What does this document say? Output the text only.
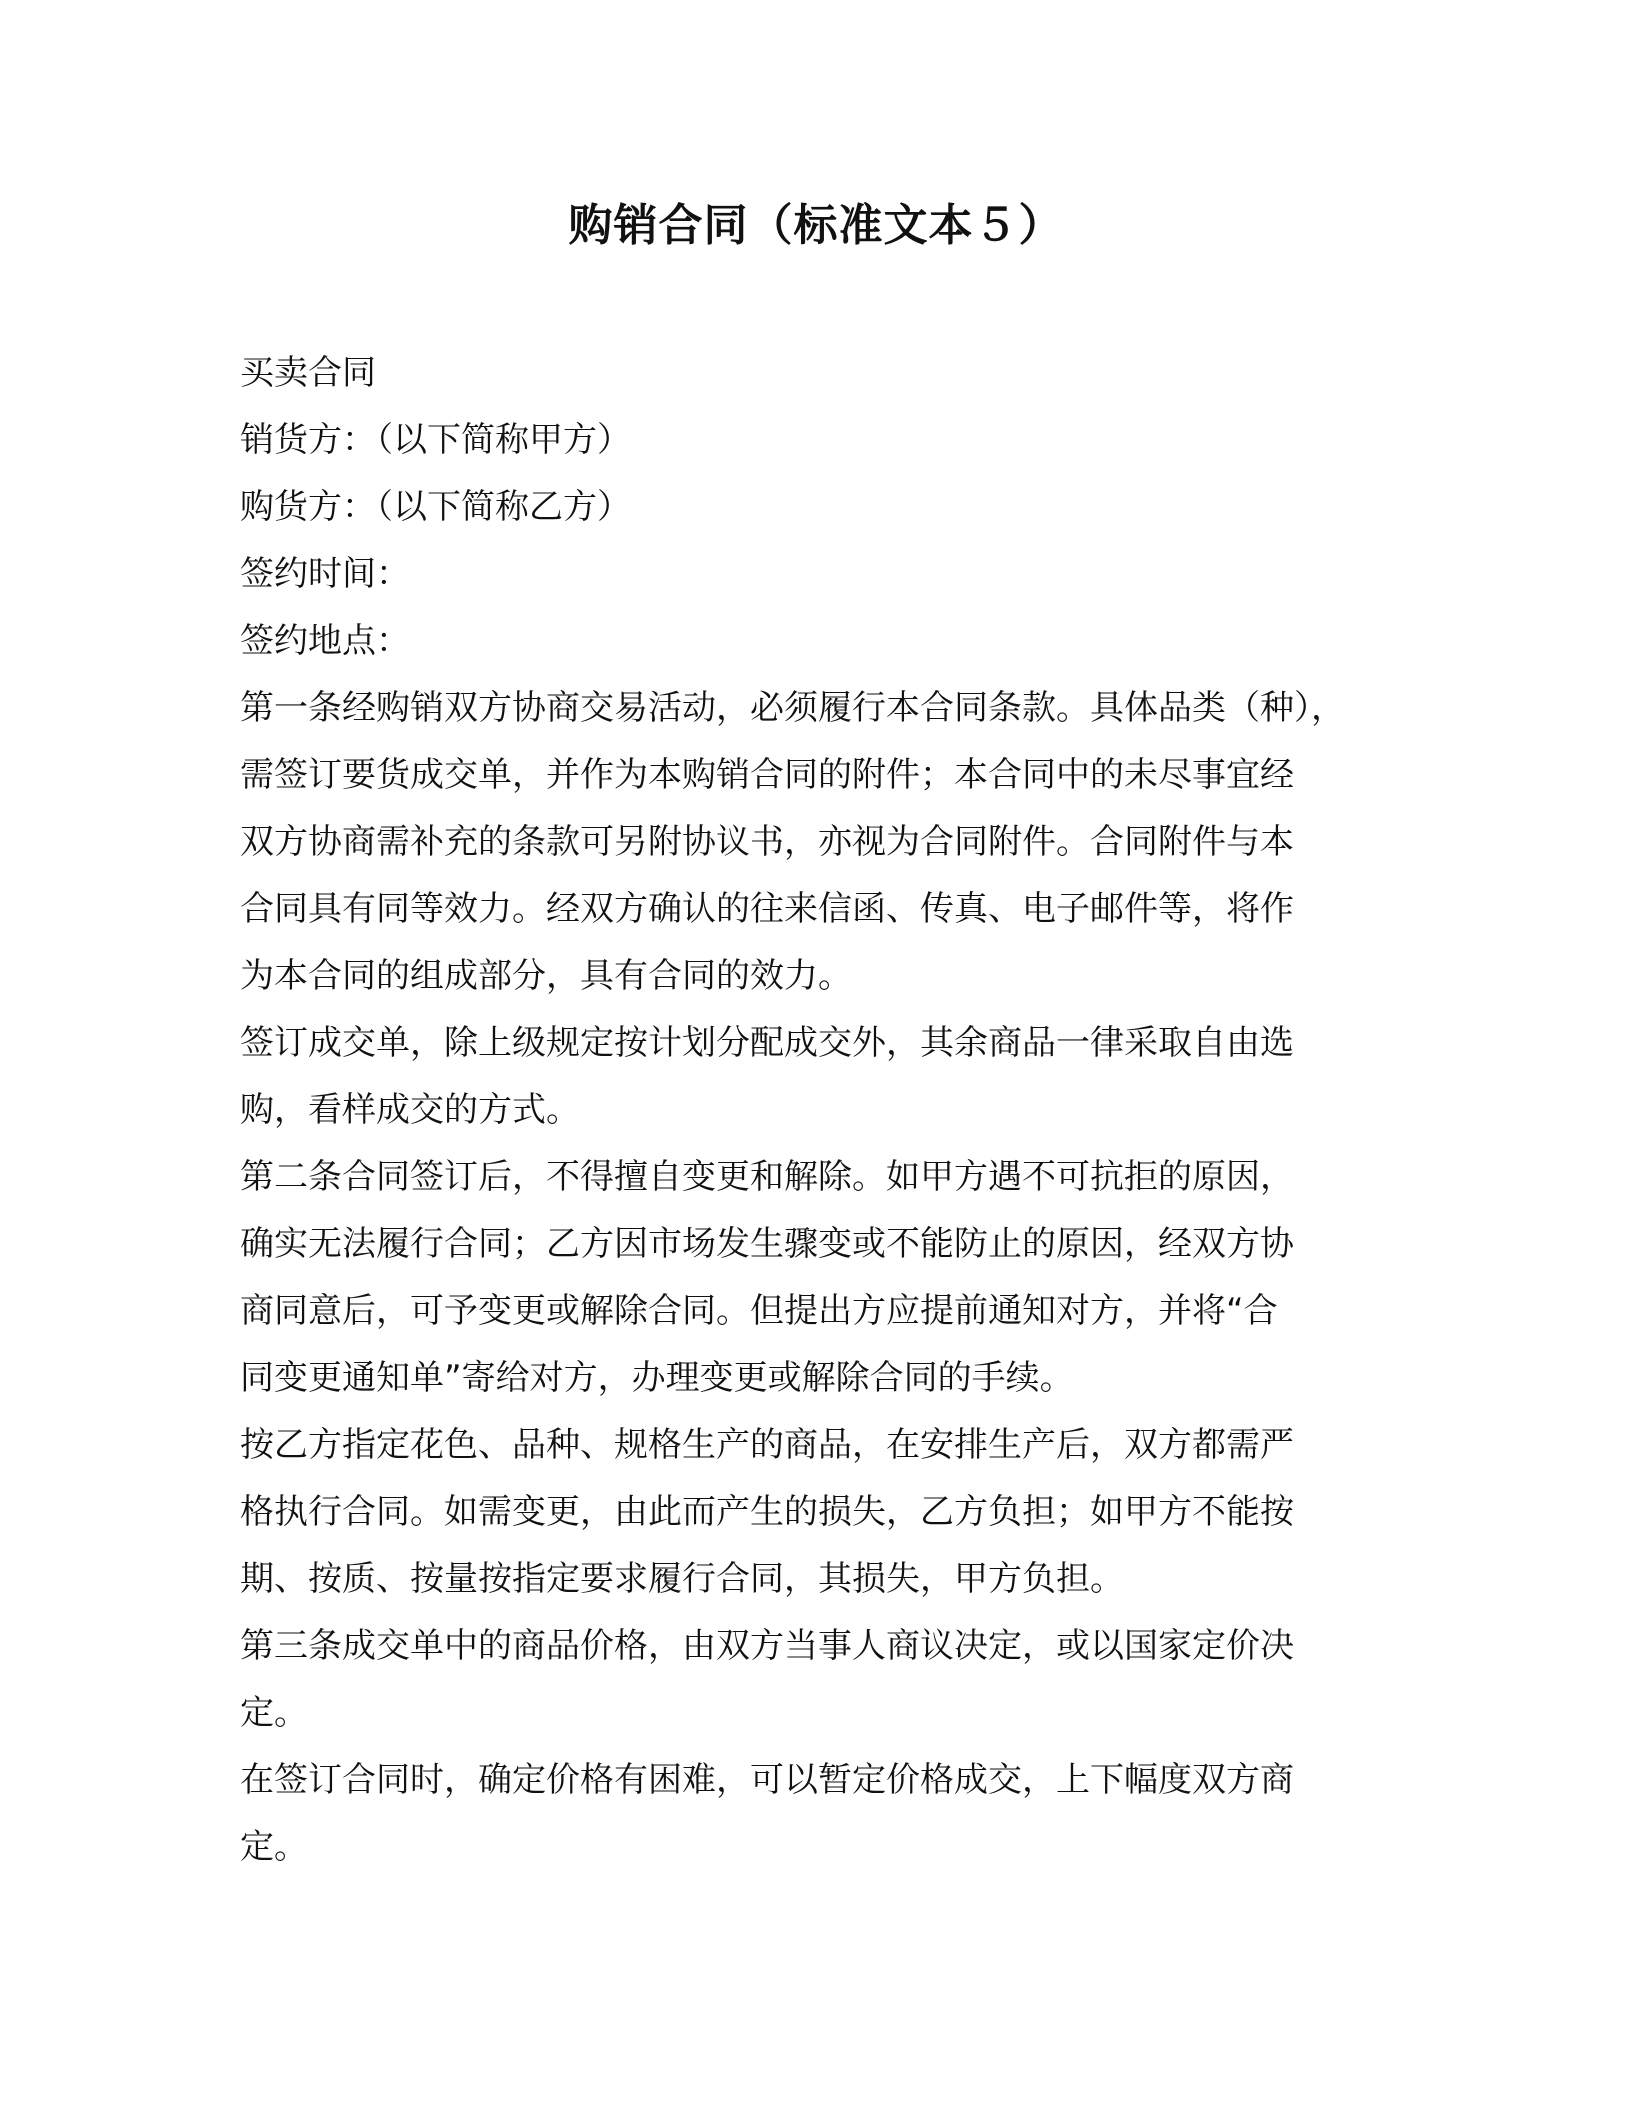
购销合同（标准文本５）
买卖合同
销货方：（以下简称甲方）
购货方：（以下简称乙方）
签约时间：
签约地点：
第一条经购销双方协商交易活动，必须履行本合同条款。具体品类（种），
需签订要货成交单，并作为本购销合同的附件；本合同中的未尽事宜经
双方协商需补充的条款可另附协议书，亦视为合同附件。合同附件与本
合同具有同等效力。经双方确认的往来信函、传真、电子邮件等，将作
为本合同的组成部分，具有合同的效力。
签订成交单，除上级规定按计划分配成交外，其余商品一律采取自由选
购，看样成交的方式。
第二条合同签订后，不得擅自变更和解除。如甲方遇不可抗拒的原因，
确实无法履行合同；乙方因市场发生骤变或不能防止的原因，经双方协
商同意后，可予变更或解除合同。但提出方应提前通知对方，并将“合
同变更通知单”寄给对方，办理变更或解除合同的手续。
按乙方指定花色、品种、规格生产的商品，在安排生产后，双方都需严
格执行合同。如需变更，由此而产生的损失，乙方负担；如甲方不能按
期、按质、按量按指定要求履行合同，其损失，甲方负担。
第三条成交单中的商品价格，由双方当事人商议决定，或以国家定价决
定。
在签订合同时，确定价格有困难，可以暂定价格成交，上下幅度双方商
定。
